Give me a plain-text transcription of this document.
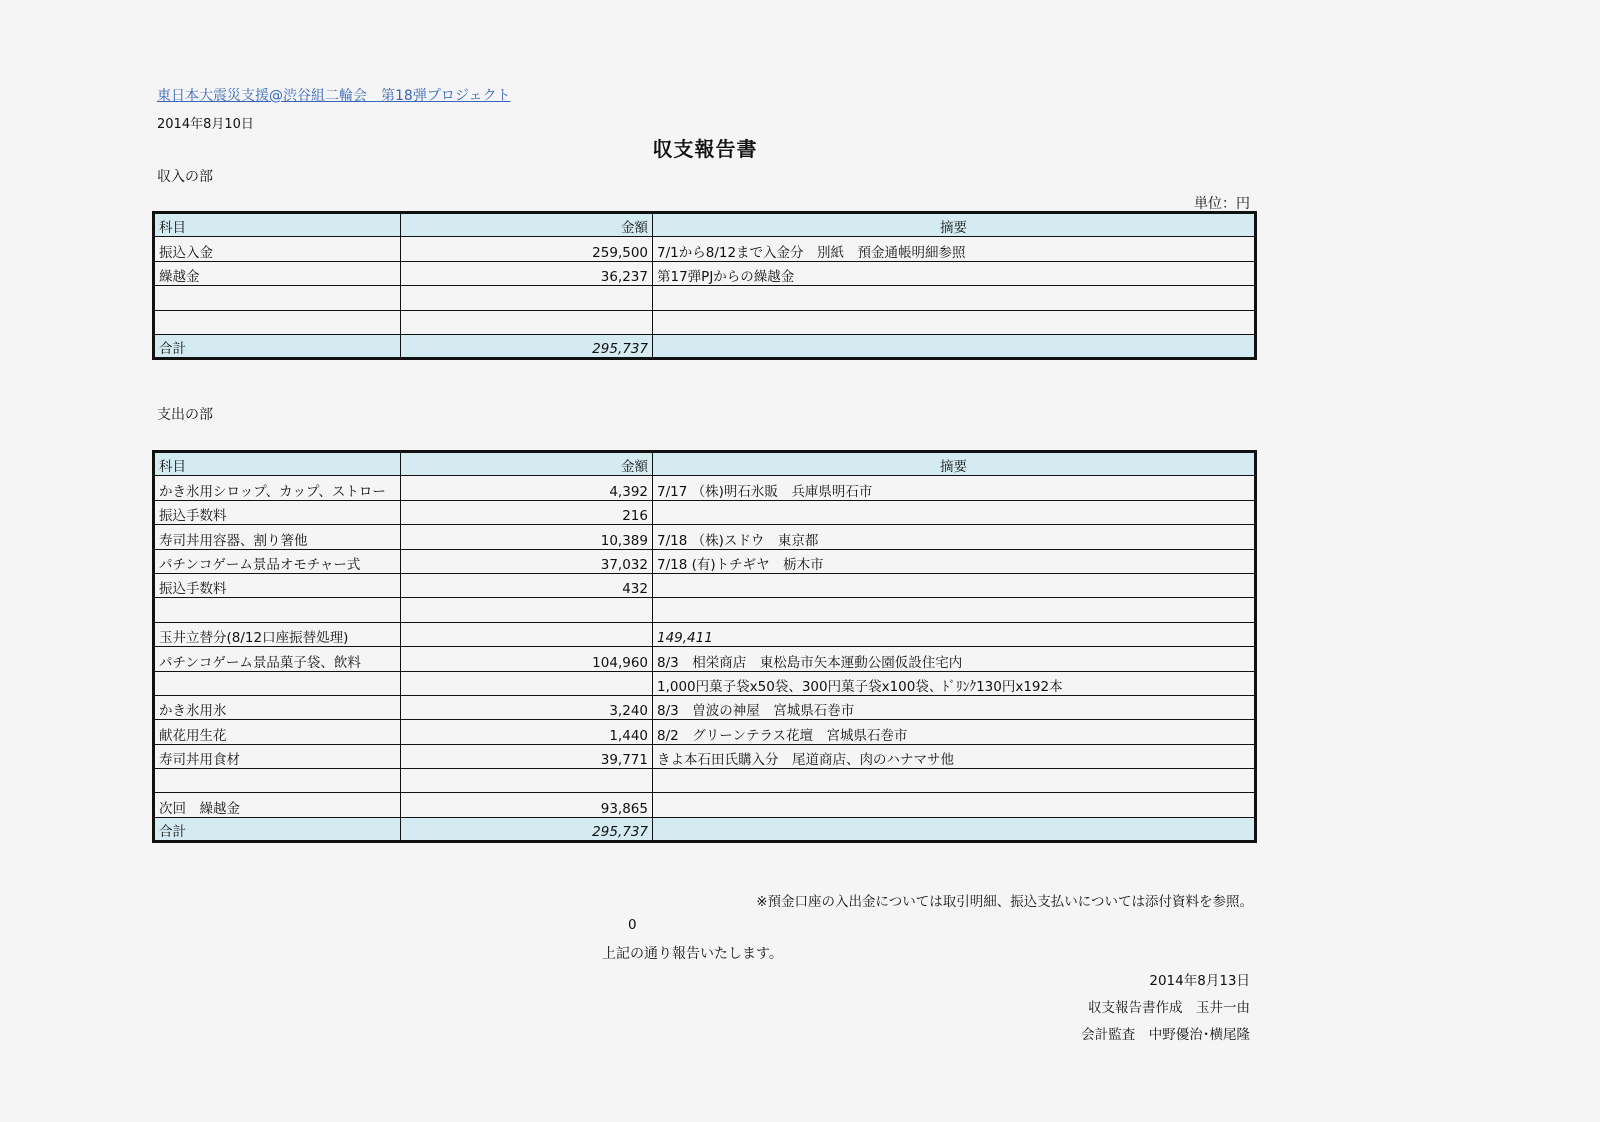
東日本大震災支援@渋谷組二輪会　第18弾プロジェクト
2014年8月10日
収支報告書
収入の部
単位：円
科目	金額	摘要
振込入金	259,500	7/1から8/12まで入金分　別紙　預金通帳明細参照
繰越金	36,237	第17弾PJからの繰越金

合計	295,737	
支出の部
科目	金額	摘要
かき氷用シロップ、カップ、ストロー	4,392	7/17 （株)明石氷販　兵庫県明石市
振込手数料	216	
寿司丼用容器、割り箸他	10,389	7/18 （株)スドウ　東京都
パチンコゲーム景品オモチャー式	37,032	7/18 (有)トチギヤ　栃木市
振込手数料	432	

玉井立替分(8/12口座振替処理)		149,411
パチンコゲーム景品菓子袋、飲料	104,960	8/3　相栄商店　東松島市矢本運動公園仮設住宅内
		1,000円菓子袋x50袋、300円菓子袋x100袋、ﾄﾞﾘﾝｸ130円x192本
かき氷用氷	3,240	8/3　曽波の神屋　宮城県石巻市
献花用生花	1,440	8/2　グリーンテラス花壇　宮城県石巻市
寿司丼用食材	39,771	きよ本石田氏購入分　尾道商店、肉のハナマサ他

次回　繰越金	93,865	
合計	295,737	
※預金口座の入出金については取引明細、振込支払いについては添付資料を参照。
0
上記の通り報告いたします。
2014年8月13日
収支報告書作成　玉井一由
会計監査　中野優治･横尾隆
